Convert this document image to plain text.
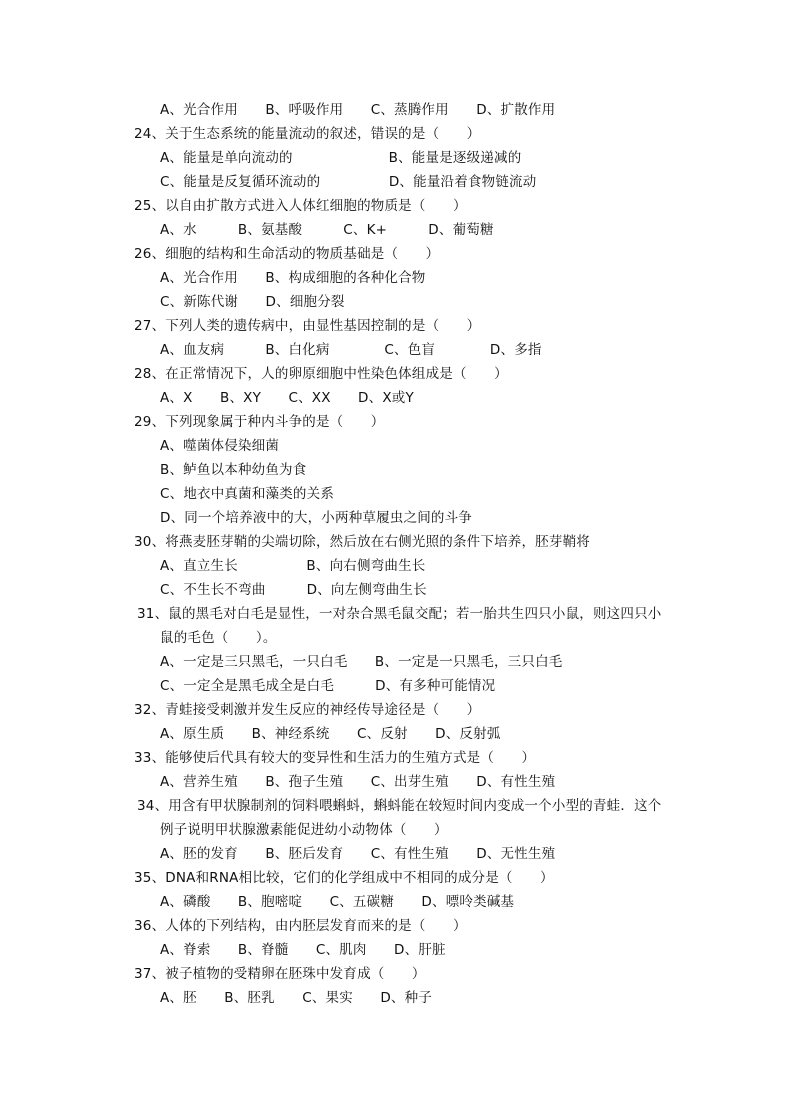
A、光合作用　　B、呼吸作用　　C、蒸腾作用　　D、扩散作用
24、关于生态系统的能量流动的叙述，错误的是（　　）
A、能量是单向流动的　　　　　　　B、能量是逐级递减的
C、能量是反复循环流动的　　　　　D、能量沿着食物链流动
25、以自由扩散方式进入人体红细胞的物质是（　　）
A、水　　　B、氨基酸　　　C、K+　　　D、葡萄糖
26、细胞的结构和生命活动的物质基础是（　　）
A、光合作用　　B、构成细胞的各种化合物
C、新陈代谢　　D、细胞分裂
27、下列人类的遗传病中，由显性基因控制的是（　　）
A、血友病　　　B、白化病　　　　C、色盲　　　　D、多指
28、在正常情况下，人的卵原细胞中性染色体组成是（　　）
A、X　　B、XY　　C、XX　　D、X或Y
29、下列现象属于种内斗争的是（　　）
A、噬菌体侵染细菌
B、鲈鱼以本种幼鱼为食
C、地衣中真菌和藻类的关系
D、同一个培养液中的大，小两种草履虫之间的斗争
30、将燕麦胚芽鞘的尖端切除，然后放在右侧光照的条件下培养，胚芽鞘将
A、直立生长　　　　　B、向右侧弯曲生长
C、不生长不弯曲　　　D、向左侧弯曲生长
31、鼠的黑毛对白毛是显性，一对杂合黑毛鼠交配；若一胎共生四只小鼠，则这四只小
鼠的毛色（　　）。
A、一定是三只黑毛，一只白毛　　B、一定是一只黑毛，三只白毛
C、一定全是黑毛成全是白毛　　　D、有多种可能情况
32、青蛙接受刺激并发生反应的神经传导途径是（　　）
A、原生质　　B、神经系统　　C、反射　　D、反射弧
33、能够使后代具有较大的变异性和生活力的生殖方式是（　　）
A、营养生殖　　B、孢子生殖　　C、出芽生殖　　D、有性生殖
34、用含有甲状腺制剂的饲料喂蝌蚪，蝌蚪能在较短时间内变成一个小型的青蛙．这个
例子说明甲状腺激素能促进幼小动物体（　　）
A、胚的发育　　B、胚后发育　　C、有性生殖　　D、无性生殖
35、DNA和RNA相比较，它们的化学组成中不相同的成分是（　　）
A、磷酸　　B、胞嘧啶　　C、五碳糖　　D、嘌呤类碱基
36、人体的下列结构，由内胚层发育而来的是（　　）
A、脊索　　B、脊髓　　C、肌肉　　D、肝脏
37、被子植物的受精卵在胚珠中发育成（　　）
A、胚　　B、胚乳　　C、果实　　D、种子
